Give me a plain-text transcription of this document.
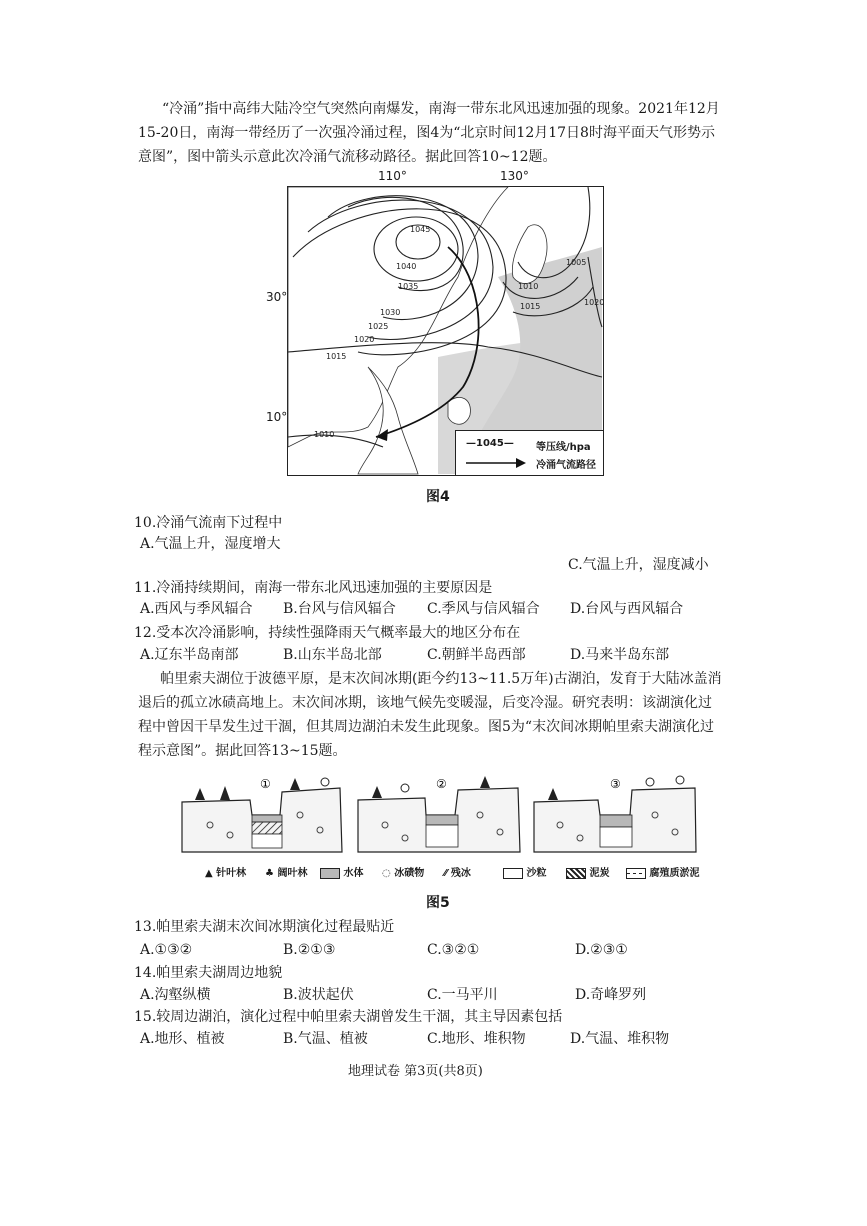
“冷涌”指中高纬大陆冷空气突然向南爆发，南海一带东北风迅速加强的现象。2021年12月
15-20日，南海一带经历了一次强冷涌过程，图4为“北京时间12月17日8时海平面天气形势示
意图”，图中箭头示意此次冷涌气流移动路径。据此回答10~12题。
110°	130°
30°
10°
1045
1040
1035
1030
1025
1020
1015
1010
1005
1010
1015	1020
—1045— 等压线/hpa
冷涌气流路径
图4
10.冷涌气流南下过程中
A.气温上升，湿度增大
C.气温上升，湿度减小
11.冷涌持续期间，南海一带东北风迅速加强的主要原因是
A.西风与季风辐合 B.台风与信风辐合 C.季风与信风辐合 D.台风与西风辐合
12.受本次冷涌影响，持续性强降雨天气概率最大的地区分布在
A.辽东半岛南部	B.山东半岛北部	C.朝鲜半岛西部	D.马来半岛东部
帕里索夫湖位于波德平原，是末次间冰期(距今约13~11.5万年)古湖泊，发育于大陆冰盖消
退后的孤立冰碛高地上。末次间冰期，该地气候先变暖湿，后变冷湿。研究表明：该湖演化过
程中曾因干旱发生过干涸，但其周边湖泊未发生此现象。图5为“末次间冰期帕里索夫湖演化过
程示意图”。据此回答13~15题。
①	②	③
▲ 针叶林 ♣ 阔叶林	水体 ◌ 冰碛物 ⁄⁄ 残冰	沙粒	泥炭	腐殖质淤泥
图5
13.帕里索夫湖末次间冰期演化过程最贴近
A.①③②	B.②①③	C.③②①	D.②③①
14.帕里索夫湖周边地貌
A.沟壑纵横	B.波状起伏	C.一马平川	D.奇峰罗列
15.较周边湖泊，演化过程中帕里索夫湖曾发生干涸，其主导因素包括
A.地形、植被	B.气温、植被	C.地形、堆积物	D.气温、堆积物
地理试卷 第3页(共8页)
